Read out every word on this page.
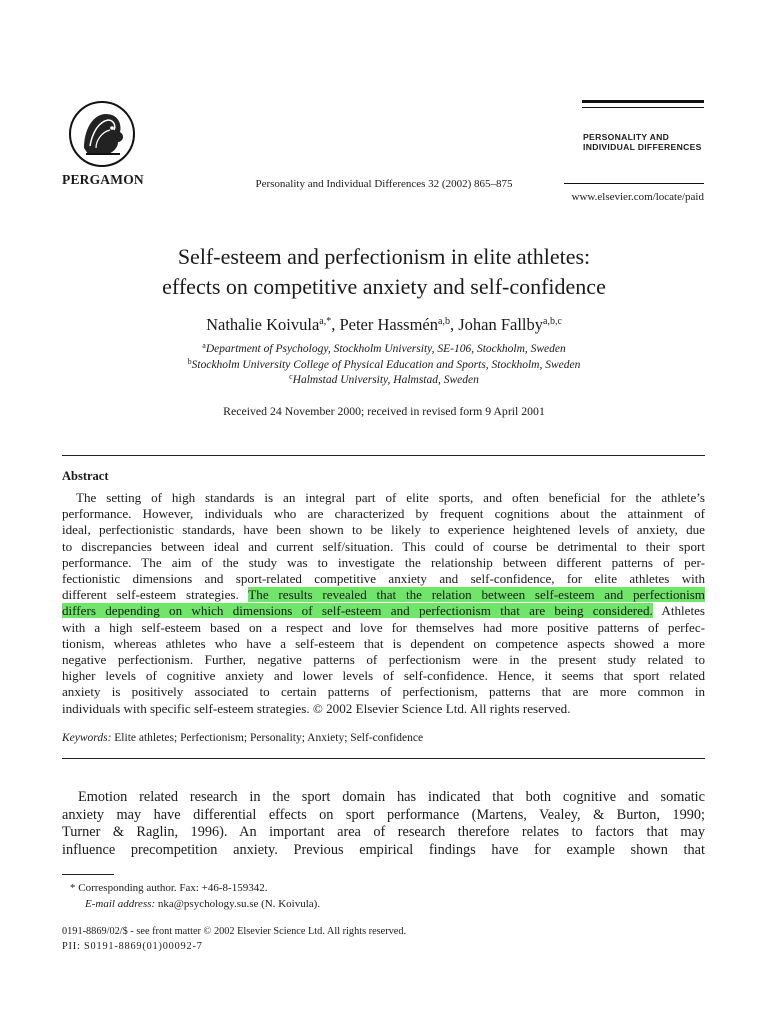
PERGAMON	Personality and Individual Differences 32 (2002) 865–875
PERSONALITY AND
INDIVIDUAL DIFFERENCES
www.elsevier.com/locate/paid
Self-esteem and perfectionism in elite athletes:
effects on competitive anxiety and self-confidence
Nathalie Koivula$^{a,*}$, Peter Hassmén$^{a,b}$, Johan Fallby$^{a,b,c}$
$^a$Department of Psychology, Stockholm University, SE-106, Stockholm, Sweden
$^b$Stockholm University College of Physical Education and Sports, Stockholm, Sweden
$^c$Halmstad University, Halmstad, Sweden
Received 24 November 2000; received in revised form 9 April 2001
Abstract
The setting of high standards is an integral part of elite sports, and often beneficial for the athlete’s
performance. However, individuals who are characterized by frequent cognitions about the attainment of
ideal, perfectionistic standards, have been shown to be likely to experience heightened levels of anxiety, due
to discrepancies between ideal and current self/situation. This could of course be detrimental to their sport
performance. The aim of the study was to investigate the relationship between different patterns of per-
fectionistic dimensions and sport-related competitive anxiety and self-confidence, for elite athletes with
different self-esteem strategies. The results revealed that the relation between self-esteem and perfectionism
differs depending on which dimensions of self-esteem and perfectionism that are being considered. Athletes
with a high self-esteem based on a respect and love for themselves had more positive patterns of perfec-
tionism, whereas athletes who have a self-esteem that is dependent on competence aspects showed a more
negative perfectionism. Further, negative patterns of perfectionism were in the present study related to
higher levels of cognitive anxiety and lower levels of self-confidence. Hence, it seems that sport related
anxiety is positively associated to certain patterns of perfectionism, patterns that are more common in
individuals with specific self-esteem strategies. © 2002 Elsevier Science Ltd. All rights reserved.
Keywords: Elite athletes; Perfectionism; Personality; Anxiety; Self-confidence
Emotion related research in the sport domain has indicated that both cognitive and somatic
anxiety may have differential effects on sport performance (Martens, Vealey, & Burton, 1990;
Turner & Raglin, 1996). An important area of research therefore relates to factors that may
influence precompetition anxiety. Previous empirical findings have for example shown that
* Corresponding author. Fax: +46-8-159342.
E-mail address: nka@psychology.su.se (N. Koivula).
0191-8869/02/$ - see front matter © 2002 Elsevier Science Ltd. All rights reserved.
PII: S0191-8869(01)00092-7
